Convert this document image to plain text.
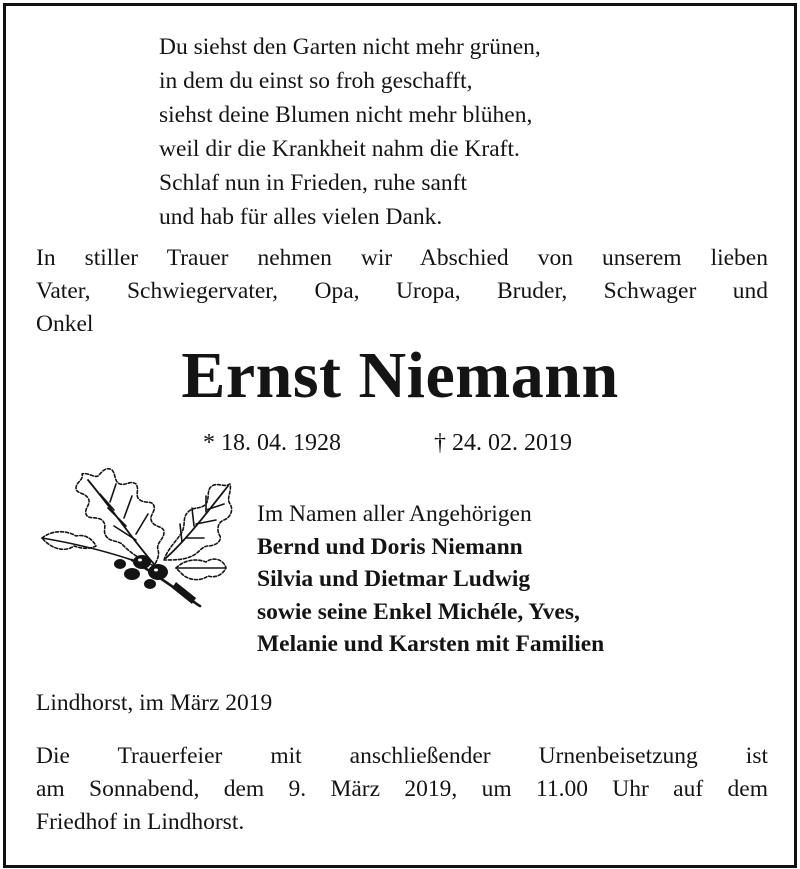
Du siehst den Garten nicht mehr grünen,
in dem du einst so froh geschafft,
siehst deine Blumen nicht mehr blühen,
weil dir die Krankheit nahm die Kraft.
Schlaf nun in Frieden, ruhe sanft
und hab für alles vielen Dank.
In stiller Trauer nehmen wir Abschied von unserem lieben
Vater, Schwiegervater, Opa, Uropa, Bruder, Schwager und
Onkel
Ernst Niemann
* 18. 04. 1928	† 24. 02. 2019
Im Namen aller Angehörigen
Bernd und Doris Niemann
Silvia und Dietmar Ludwig
sowie seine Enkel Michéle, Yves,
Melanie und Karsten mit Familien
Lindhorst, im März 2019
Die Trauerfeier mit anschließender Urnenbeisetzung ist
am Sonnabend, dem 9. März 2019, um 11.00 Uhr auf dem
Friedhof in Lindhorst.
